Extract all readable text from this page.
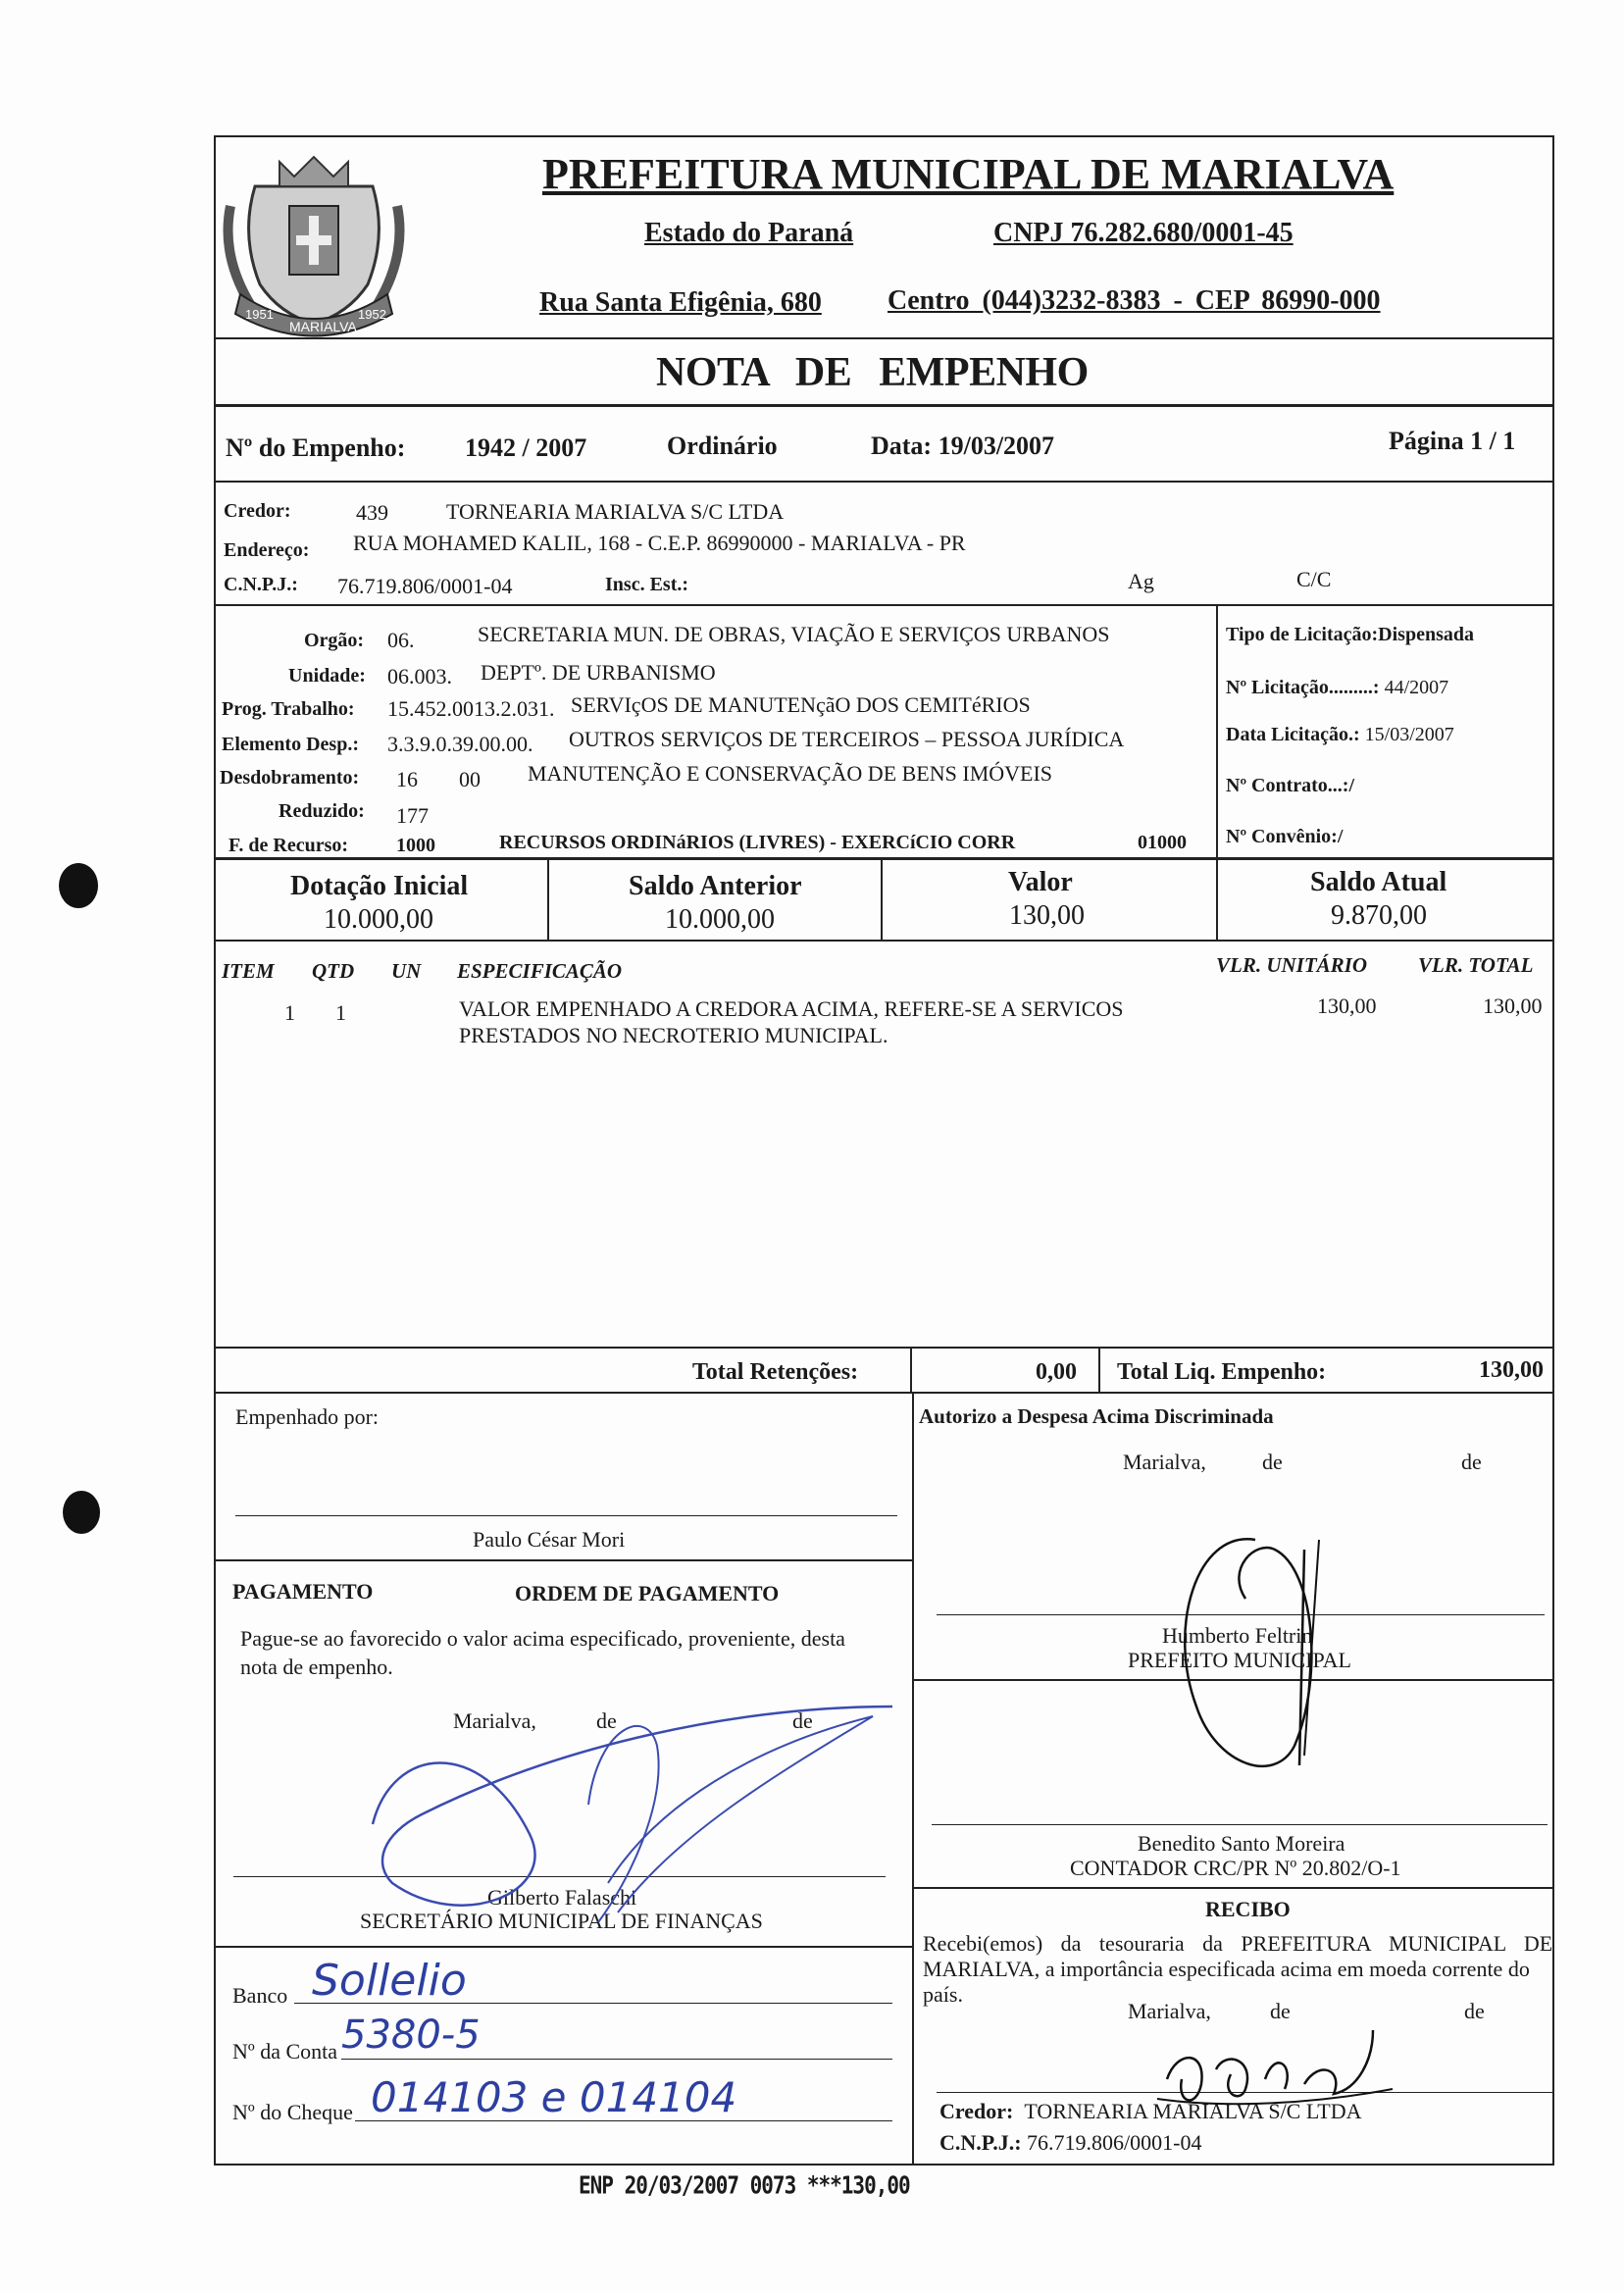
1951
MARIALVA
1952
PREFEITURA MUNICIPAL DE MARIALVA
Estado do Paraná	CNPJ 76.282.680/0001-45
Rua Santa Efigênia, 680 Centro (044)3232-8383 - CEP 86990-000
NOTA DE EMPENHO
Nº do Empenho: 1942 / 2007	Ordinário	Data: 19/03/2007	Página 1 / 1
Credor:	439	TORNEARIA MARIALVA S/C LTDA
Endereço: RUA MOHAMED KALIL, 168 - C.E.P. 86990000 - MARIALVA - PR
C.N.P.J.: 76.719.806/0001-04	Insc. Est.:	Ag	C/C
Orgão: 06.	SECRETARIA MUN. DE OBRAS, VIAÇÃO E SERVIÇOS URBANOS
Unidade: 06.003. DEPTº. DE URBANISMO
Prog. Trabalho: 15.452.0013.2.031. SERVIçOS DE MANUTENçãO DOS CEMITéRIOS
Elemento Desp.: 3.3.9.0.39.00.00. OUTROS SERVIÇOS DE TERCEIROS – PESSOA JURÍDICA
Desdobramento: 16 00 MANUTENÇÃO E CONSERVAÇÃO DE BENS IMÓVEIS
Reduzido: 177
F. de Recurso: 1000	RECURSOS ORDINáRIOS (LIVRES) - EXERCíCIO CORR	01000
Tipo de Licitação:Dispensada
Nº Licitação.........: 44/2007
Data Licitação.: 15/03/2007
Nº Contrato...:/
Nº Convênio:/
Dotação Inicial
10.000,00
Saldo Anterior
10.000,00
Valor
130,00
Saldo Atual
9.870,00
ITEM QTD UN ESPECIFICAÇÃO	VLR. UNITÁRIO VLR. TOTAL
1 1	VALOR EMPENHADO A CREDORA ACIMA, REFERE-SE A SERVICOS
PRESTADOS NO NECROTERIO MUNICIPAL.
130,00	130,00
Total Retenções:	0,00 Total Liq. Empenho:	130,00
Empenhado por:
Paulo César Mori
Autorizo a Despesa Acima Discriminada
Marialva,	de	de
Humberto Feltrin
PREFEITO MUNICIPAL
Benedito Santo Moreira
CONTADOR CRC/PR Nº 20.802/O-1
PAGAMENTO	ORDEM DE PAGAMENTO
Pague-se ao favorecido o valor acima especificado, proveniente, desta
nota de empenho.
Marialva,	de	de
Gilberto Falaschi
SECRETÁRIO MUNICIPAL DE FINANÇAS
Banco Sollelio
Nº da Conta 5380-5
Nº do Cheque 014103 e 014104
RECIBO
Recebi(emos) da tesouraria da PREFEITURA MUNICIPAL DE
MARIALVA, a importância especificada acima em moeda corrente do
país.
Marialva,	de	de
Credor: TORNEARIA MARIALVA S/C LTDA
C.N.P.J.: 76.719.806/0001-04
ENP 20/03/2007 0073 ***130,00
